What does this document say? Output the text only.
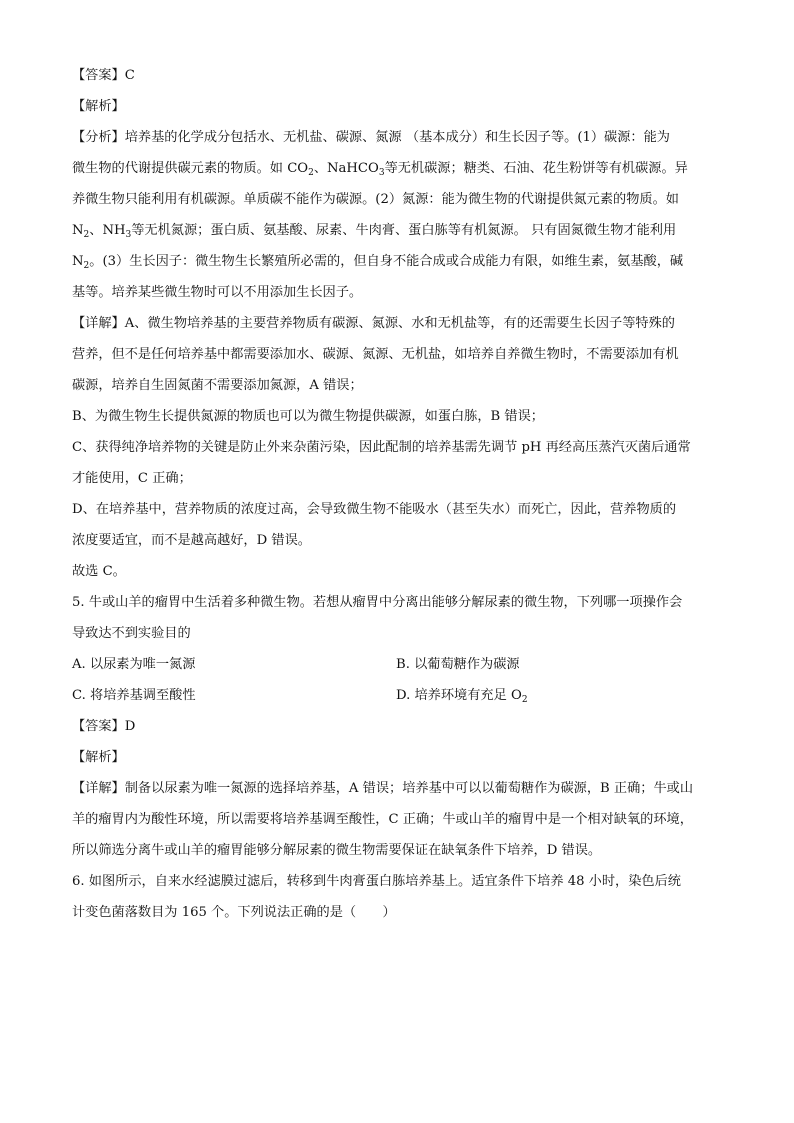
【答案】C
【解析】
【分析】培养基的化学成分包括水、无机盐、碳源、氮源 （基本成分）和生长因子等。(1）碳源：能为
微生物的代谢提供碳元素的物质。如 $CO_2$、NaHCO$_3$等无机碳源；糖类、石油、花生粉饼等有机碳源。异
养微生物只能利用有机碳源。单质碳不能作为碳源。(2）氮源：能为微生物的代谢提供氮元素的物质。如
$N_2$、$NH_3$等无机氮源；蛋白质、氨基酸、尿素、牛肉膏、蛋白胨等有机氮源。 只有固氮微生物才能利用
$N_2$。(3）生长因子：微生物生长繁殖所必需的，但自身不能合成或合成能力有限，如维生素，氨基酸，碱
基等。培养某些微生物时可以不用添加生长因子。
【详解】A、微生物培养基的主要营养物质有碳源、氮源、水和无机盐等，有的还需要生长因子等特殊的
营养，但不是任何培养基中都需要添加水、碳源、氮源、无机盐，如培养自养微生物时，不需要添加有机
碳源，培养自生固氮菌不需要添加氮源，A 错误；
B、为微生物生长提供氮源的物质也可以为微生物提供碳源，如蛋白胨，B 错误；
C、获得纯净培养物的关键是防止外来杂菌污染，因此配制的培养基需先调节 pH 再经高压蒸汽灭菌后通常
才能使用，C 正确；
D、在培养基中，营养物质的浓度过高，会导致微生物不能吸水（甚至失水）而死亡，因此，营养物质的
浓度要适宜，而不是越高越好，D 错误。
故选 C。
5. 牛或山羊的瘤胃中生活着多种微生物。若想从瘤胃中分离出能够分解尿素的微生物，下列哪一项操作会
导致达不到实验目的
A. 以尿素为唯一氮源	B. 以葡萄糖作为碳源
C. 将培养基调至酸性	D. 培养环境有充足 $O_2$
【答案】D
【解析】
【详解】制备以尿素为唯一氮源的选择培养基，A 错误；培养基中可以以葡萄糖作为碳源，B 正确；牛或山
羊的瘤胃内为酸性环境，所以需要将培养基调至酸性，C 正确；牛或山羊的瘤胃中是一个相对缺氧的环境，
所以筛选分离牛或山羊的瘤胃能够分解尿素的微生物需要保证在缺氧条件下培养，D 错误。
6. 如图所示，自来水经滤膜过滤后，转移到牛肉膏蛋白胨培养基上。适宜条件下培养 48 小时，染色后统
计变色菌落数目为 165 个。下列说法正确的是（　　）
